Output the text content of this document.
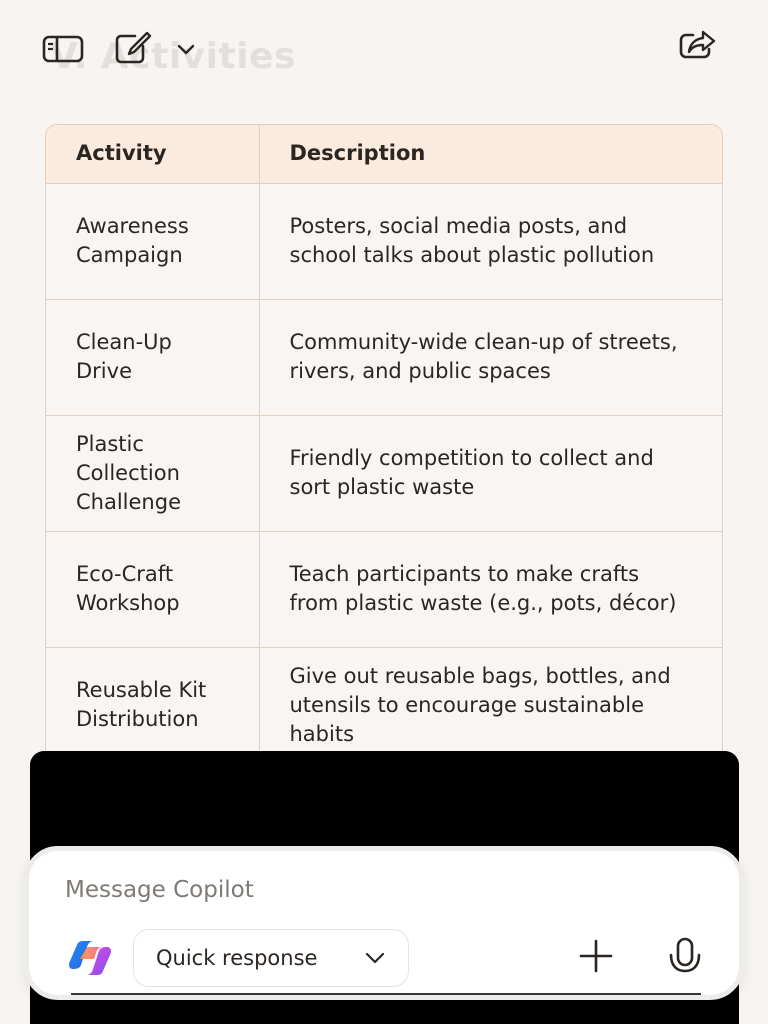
V. Activities
Activity	Description
Awareness Campaign	Posters, social media posts, and school talks about plastic pollution
Clean-Up Drive	Community-wide clean-up of streets, rivers, and public spaces
Plastic Collection Challenge	Friendly competition to collect and sort plastic waste
Eco-Craft Workshop	Teach participants to make crafts from plastic waste (e.g., pots, décor)
Reusable Kit Distribution	Give out reusable bags, bottles, and utensils to encourage sustainable habits
Message Copilot
Quick response
